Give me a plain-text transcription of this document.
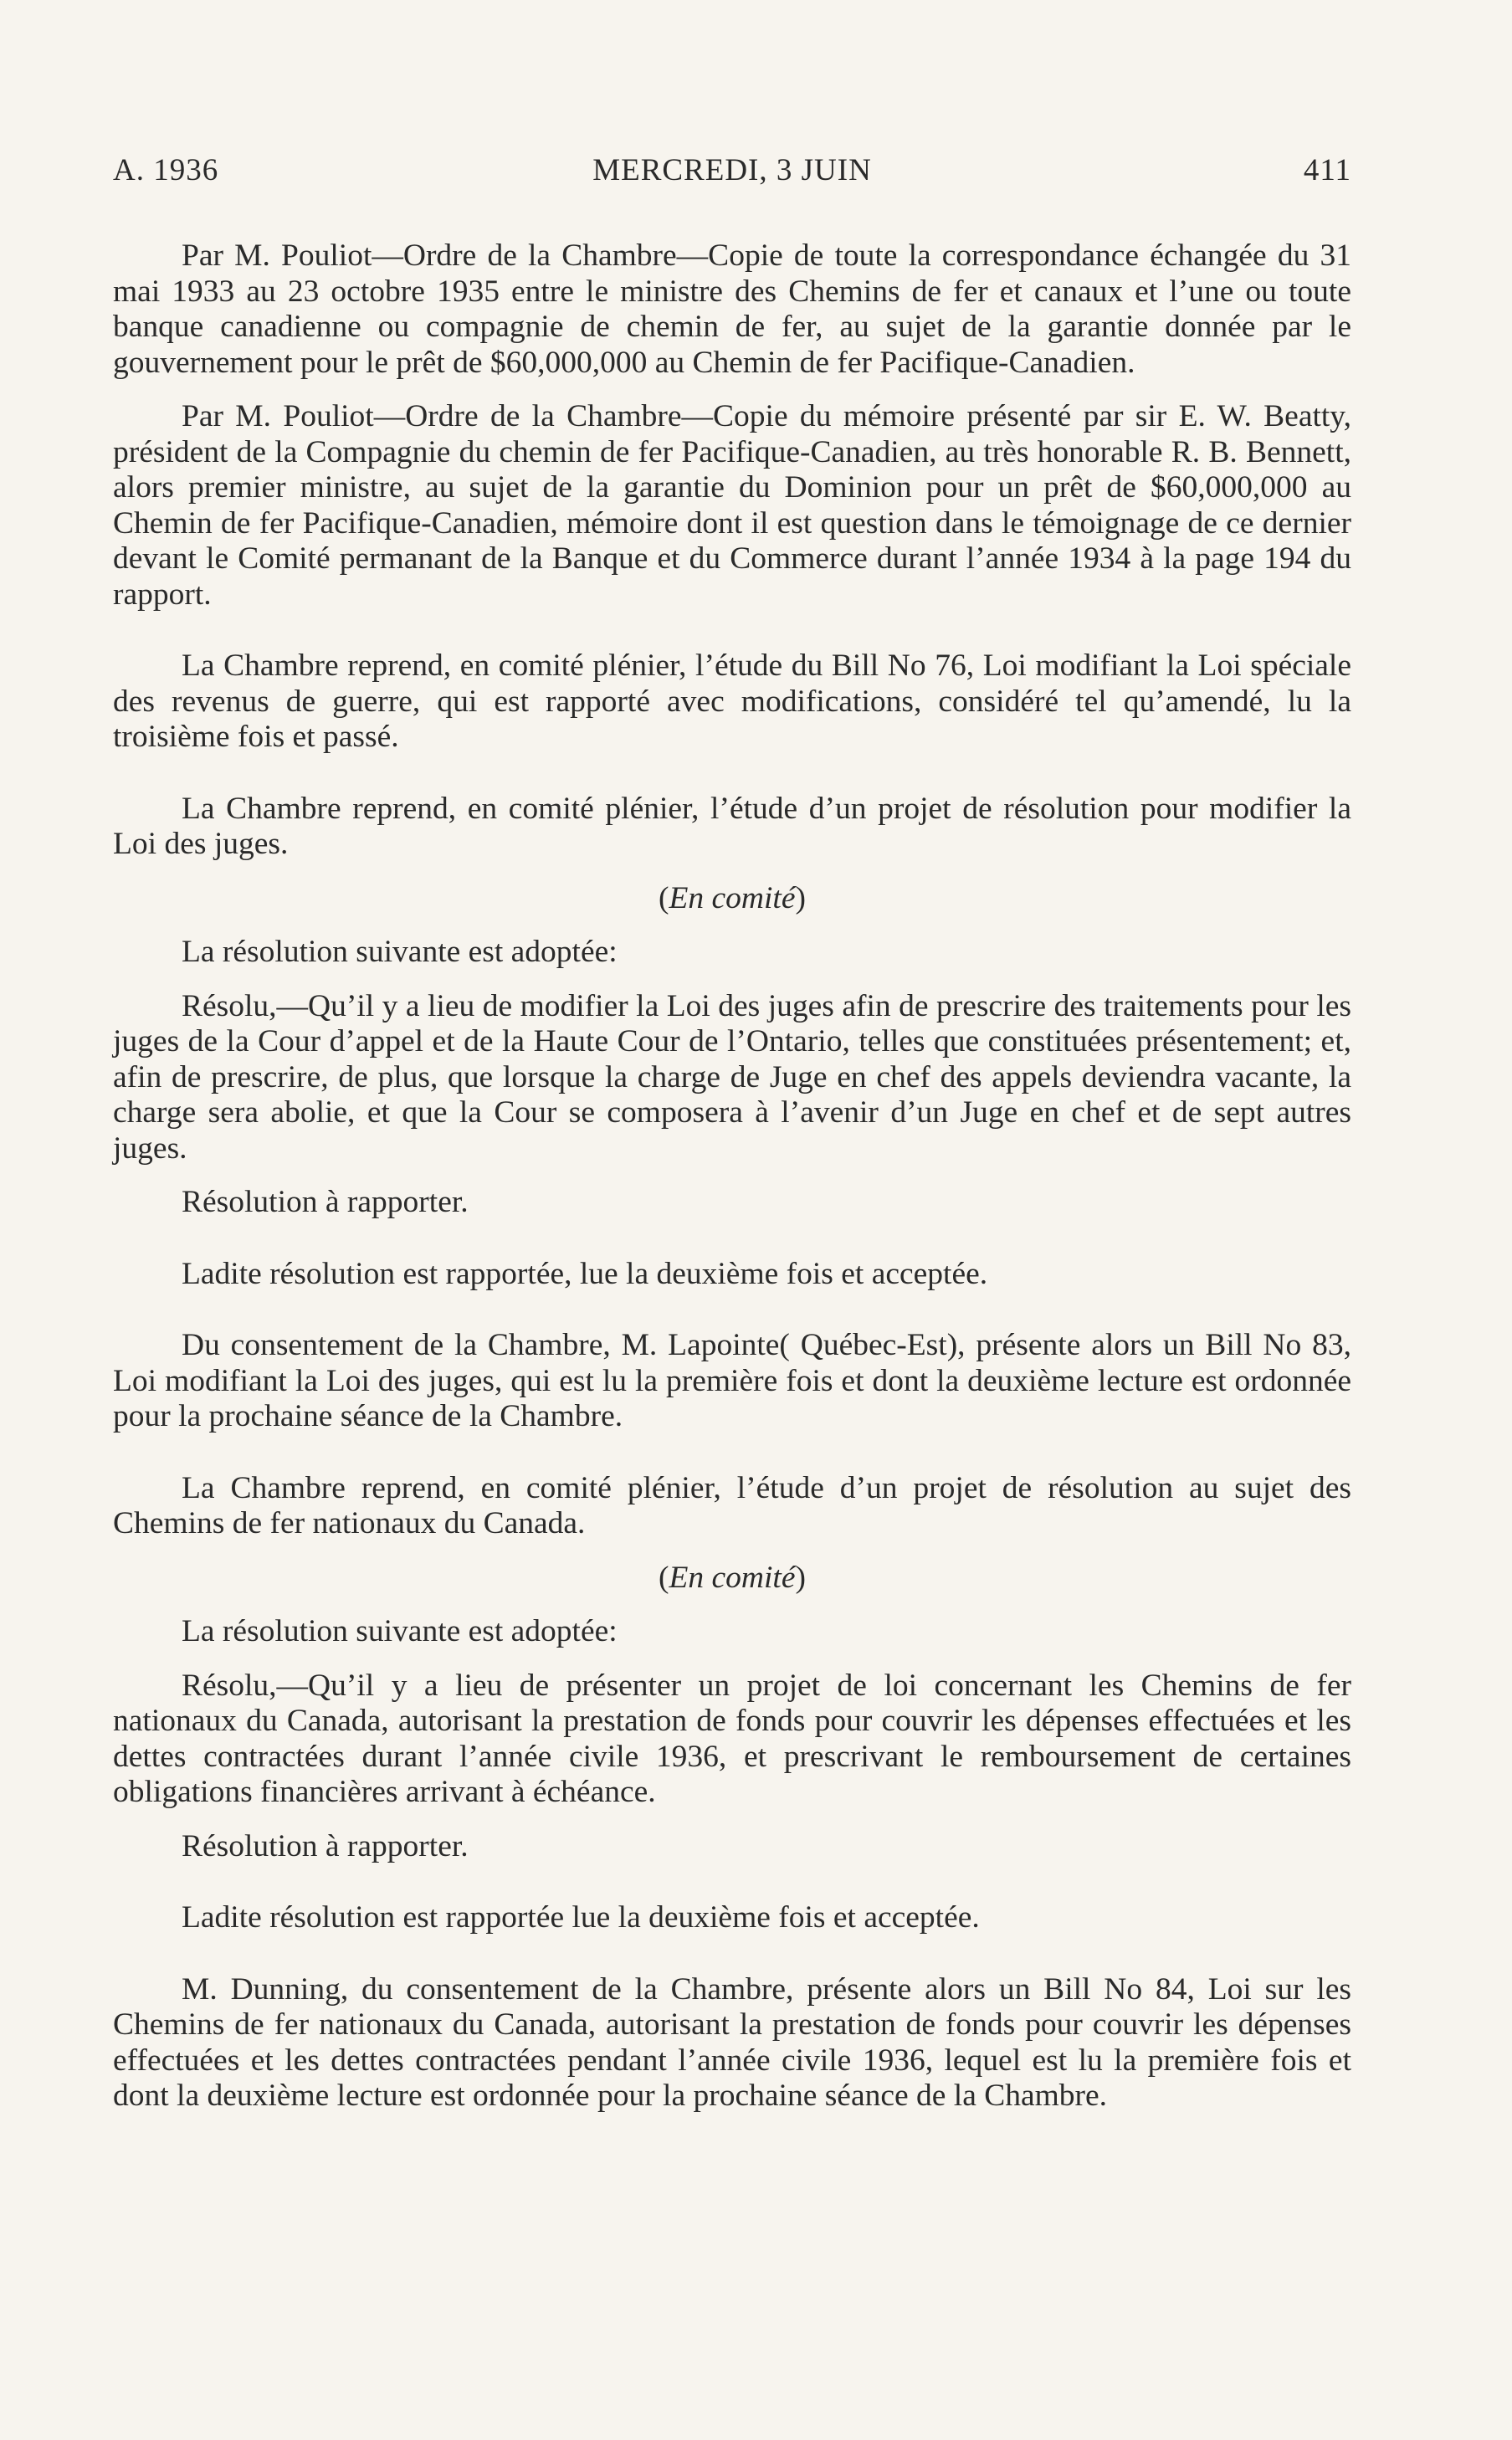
A. 1936	MERCREDI, 3 JUIN	411

Par M. Pouliot—Ordre de la Chambre—Copie de toute la correspondance échangée du 31 mai 1933 au 23 octobre 1935 entre le ministre des Chemins de fer et canaux et l’une ou toute banque canadienne ou compagnie de chemin de fer, au sujet de la garantie donnée par le gouvernement pour le prêt de $60,000,000 au Chemin de fer Pacifique-Canadien.

Par M. Pouliot—Ordre de la Chambre—Copie du mémoire présenté par sir E. W. Beatty, président de la Compagnie du chemin de fer Pacifique-Canadien, au très honorable R. B. Bennett, alors premier ministre, au sujet de la garantie du Dominion pour un prêt de $60,000,000 au Chemin de fer Pacifique-Canadien, mémoire dont il est question dans le témoignage de ce dernier devant le Comité permanant de la Banque et du Commerce durant l’année 1934 à la page 194 du rapport.

La Chambre reprend, en comité plénier, l’étude du Bill No 76, Loi modifiant la Loi spéciale des revenus de guerre, qui est rapporté avec modifications, considéré tel qu’amendé, lu la troisième fois et passé.

La Chambre reprend, en comité plénier, l’étude d’un projet de résolution pour modifier la Loi des juges.

(En comité)

La résolution suivante est adoptée:

Résolu,—Qu’il y a lieu de modifier la Loi des juges afin de prescrire des traitements pour les juges de la Cour d’appel et de la Haute Cour de l’Ontario, telles que constituées présentement; et, afin de prescrire, de plus, que lorsque la charge de Juge en chef des appels deviendra vacante, la charge sera abolie, et que la Cour se composera à l’avenir d’un Juge en chef et de sept autres juges.

Résolution à rapporter.

Ladite résolution est rapportée, lue la deuxième fois et acceptée.

Du consentement de la Chambre, M. Lapointe( Québec-Est), présente alors un Bill No 83, Loi modifiant la Loi des juges, qui est lu la première fois et dont la deuxième lecture est ordonnée pour la prochaine séance de la Chambre.

La Chambre reprend, en comité plénier, l’étude d’un projet de résolution au sujet des Chemins de fer nationaux du Canada.

(En comité)

La résolution suivante est adoptée:

Résolu,—Qu’il y a lieu de présenter un projet de loi concernant les Chemins de fer nationaux du Canada, autorisant la prestation de fonds pour couvrir les dépenses effectuées et les dettes contractées durant l’année civile 1936, et prescrivant le remboursement de certaines obligations financières arrivant à échéance.

Résolution à rapporter.

Ladite résolution est rapportée lue la deuxième fois et acceptée.

M. Dunning, du consentement de la Chambre, présente alors un Bill No 84, Loi sur les Chemins de fer nationaux du Canada, autorisant la prestation de fonds pour couvrir les dépenses effectuées et les dettes contractées pendant l’année civile 1936, lequel est lu la première fois et dont la deuxième lecture est ordonnée pour la prochaine séance de la Chambre.
